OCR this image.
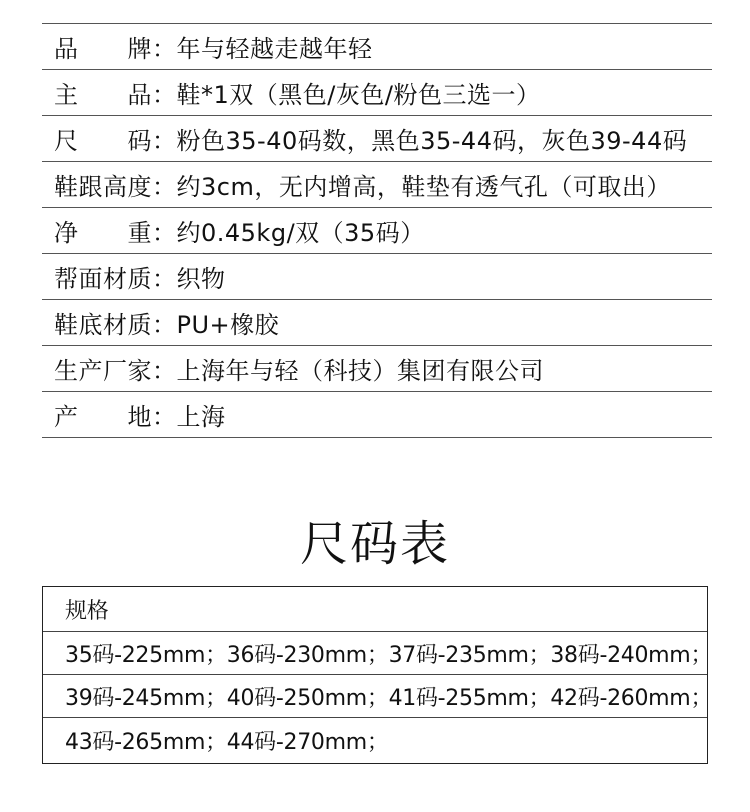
品　　牌： 年与轻越走越年轻
主　　品： 鞋*1双（黑色/灰色/粉色三选一）
尺　　码： 粉色35-40码数，黑色35-44码，灰色39-44码
鞋跟高度： 约3cm，无内增高，鞋垫有透气孔（可取出）
净　　重： 约0.45kg/双（35码）
帮面材质： 织物
鞋底材质： PU+橡胶
生产厂家： 上海年与轻（科技）集团有限公司
产　　地： 上海
尺码表
规格
35码-225mm；36码-230mm；37码-235mm；38码-240mm；
39码-245mm；40码-250mm；41码-255mm；42码-260mm；
43码-265mm；44码-270mm；
